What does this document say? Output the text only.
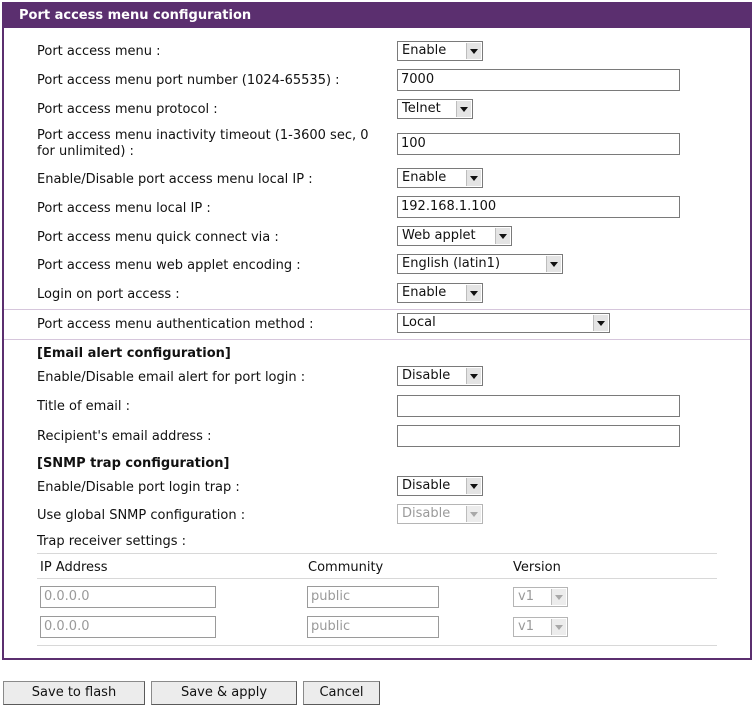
Port access menu configuration
Port access menu :	Enable
Port access menu port number (1024-65535) :	7000
Port access menu protocol :	Telnet
Port access menu inactivity timeout (1-3600 sec, 0 for unlimited) :
100
Enable/Disable port access menu local IP :	Enable
Port access menu local IP :	192.168.1.100
Port access menu quick connect via :	Web applet
Port access menu web applet encoding :	English (latin1)
Login on port access :	Enable
Port access menu authentication method :	Local
[Email alert configuration]
Enable/Disable email alert for port login :	Disable
Title of email :
Recipient's email address :
[SNMP trap configuration]
Enable/Disable port login trap :	Disable
Use global SNMP configuration :	Disable
Trap receiver settings :
IP Address	Community	Version
0.0.0.0	public	v1
0.0.0.0	public	v1
Save to flash	Save & apply	Cancel
